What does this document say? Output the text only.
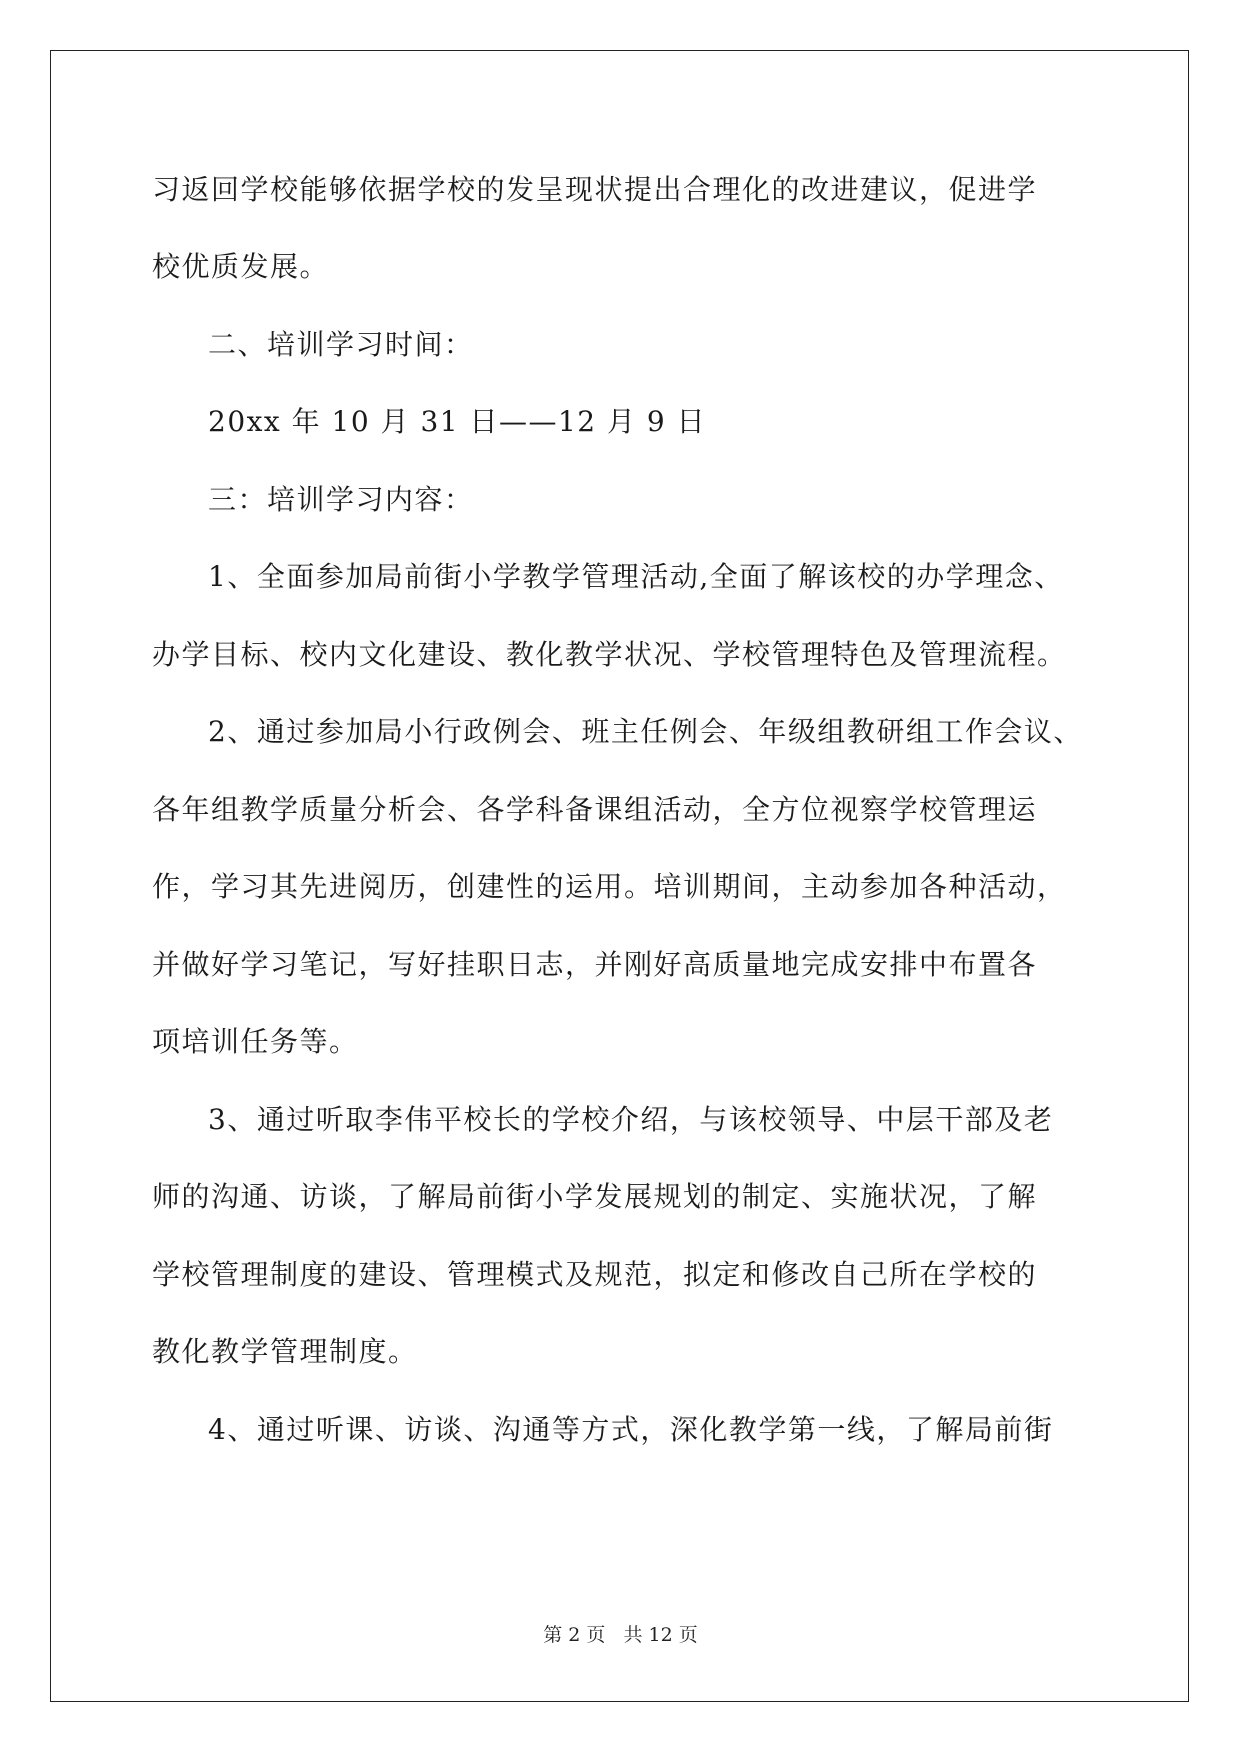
习返回学校能够依据学校的发呈现状提出合理化的改进建议，促进学
校优质发展。
二、培训学习时间：
20xx 年 10 月 31 日——12 月 9 日
三：培训学习内容：
1、全面参加局前街小学教学管理活动,全面了解该校的办学理念、
办学目标、校内文化建设、教化教学状况、学校管理特色及管理流程。
2、通过参加局小行政例会、班主任例会、年级组教研组工作会议、
各年组教学质量分析会、各学科备课组活动，全方位视察学校管理运
作，学习其先进阅历，创建性的运用。培训期间，主动参加各种活动，
并做好学习笔记，写好挂职日志，并刚好高质量地完成安排中布置各
项培训任务等。
3、通过听取李伟平校长的学校介绍，与该校领导、中层干部及老
师的沟通、访谈，了解局前街小学发展规划的制定、实施状况，了解
学校管理制度的建设、管理模式及规范，拟定和修改自己所在学校的
教化教学管理制度。
4、通过听课、访谈、沟通等方式，深化教学第一线，了解局前街
第 2 页 共 12 页
